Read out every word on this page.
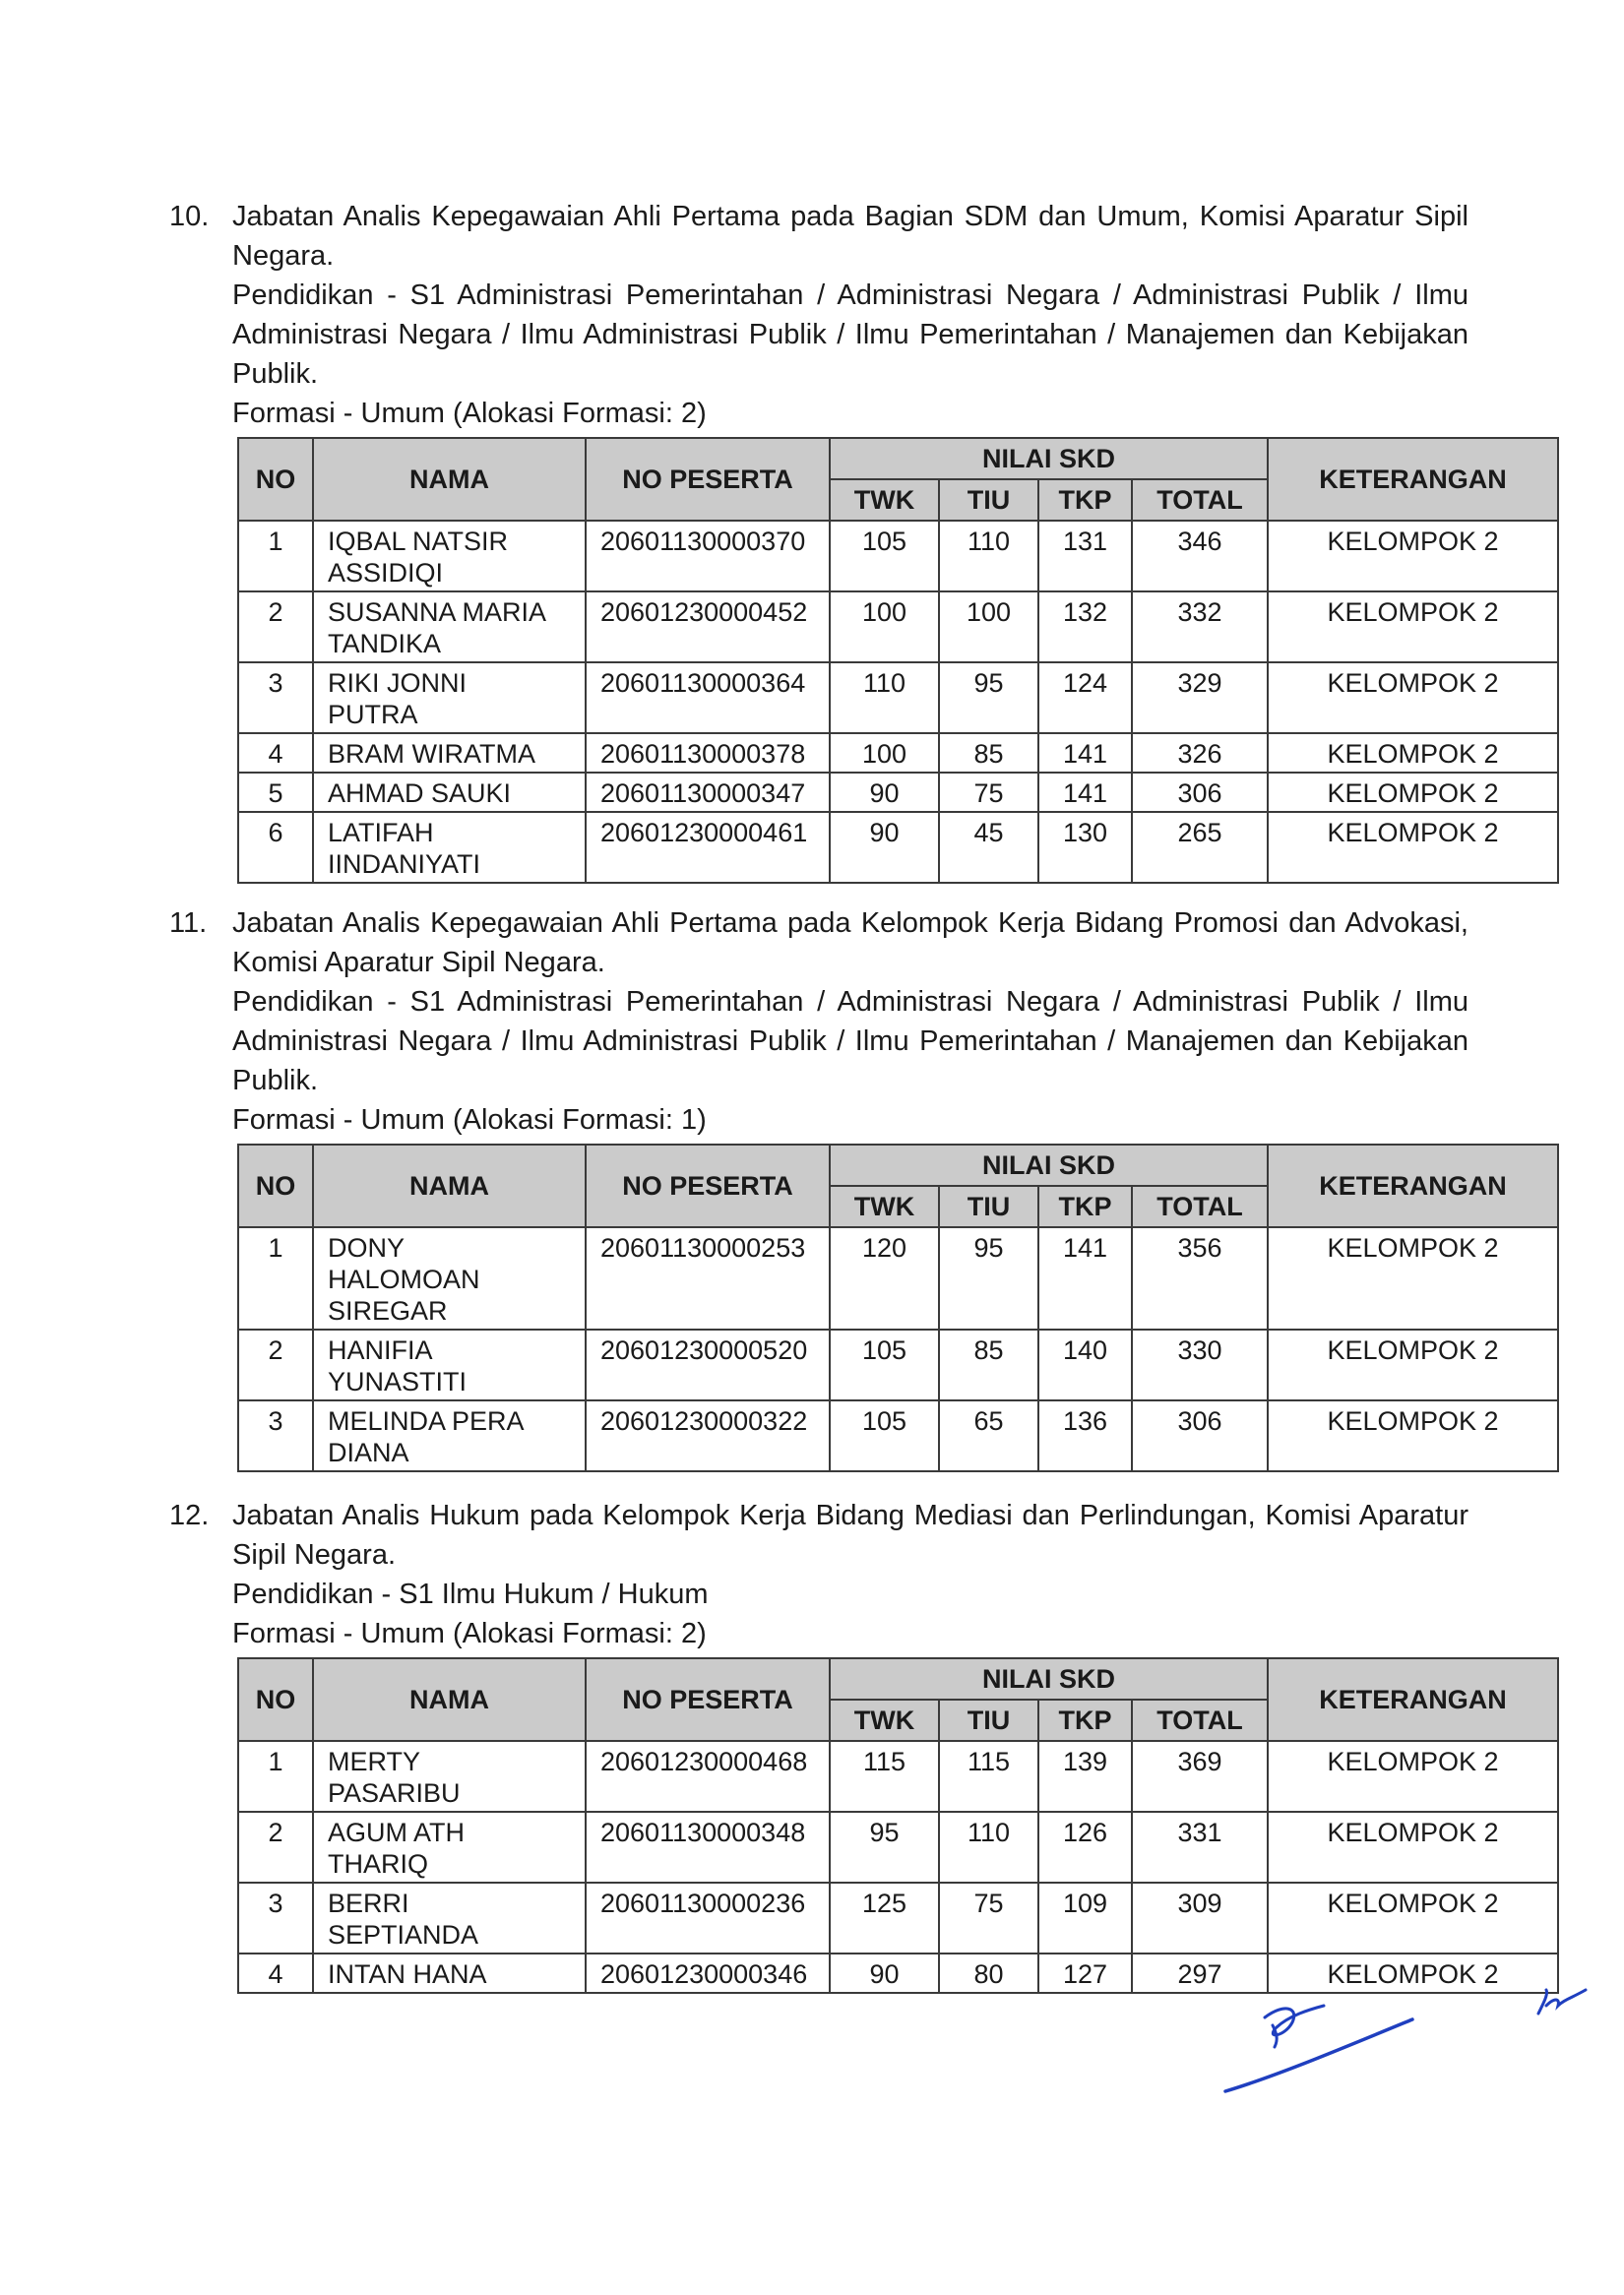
10. Jabatan Analis Kepegawaian Ahli Pertama pada Bagian SDM dan Umum, Komisi Aparatur Sipil Negara.
Pendidikan - S1 Administrasi Pemerintahan / Administrasi Negara / Administrasi Publik / Ilmu Administrasi Negara / Ilmu Administrasi Publik / Ilmu Pemerintahan / Manajemen dan Kebijakan Publik.
Formasi - Umum (Alokasi Formasi: 2)
NO	NAMA	NO PESERTA	NILAI SKD				KETERANGAN
			TWK	TIU	TKP	TOTAL	
1	IQBAL NATSIR
ASSIDIQI	20601130000370	105	110	131	346	KELOMPOK 2
2	SUSANNA MARIA
TANDIKA	20601230000452	100	100	132	332	KELOMPOK 2
3	RIKI JONNI
PUTRA	20601130000364	110	95	124	329	KELOMPOK 2
4	BRAM WIRATMA	20601130000378	100	85	141	326	KELOMPOK 2
5	AHMAD SAUKI	20601130000347	90	75	141	306	KELOMPOK 2
6	LATIFAH
IINDANIYATI	20601230000461	90	45	130	265	KELOMPOK 2
11. Jabatan Analis Kepegawaian Ahli Pertama pada Kelompok Kerja Bidang Promosi dan Advokasi, Komisi Aparatur Sipil Negara.
Pendidikan - S1 Administrasi Pemerintahan / Administrasi Negara / Administrasi Publik / Ilmu Administrasi Negara / Ilmu Administrasi Publik / Ilmu Pemerintahan / Manajemen dan Kebijakan Publik.
Formasi - Umum (Alokasi Formasi: 1)
NO	NAMA	NO PESERTA	NILAI SKD				KETERANGAN
			TWK	TIU	TKP	TOTAL	
1	DONY
HALOMOAN
SIREGAR	20601130000253	120	95	141	356	KELOMPOK 2
2	HANIFIA
YUNASTITI	20601230000520	105	85	140	330	KELOMPOK 2
3	MELINDA PERA
DIANA	20601230000322	105	65	136	306	KELOMPOK 2
12. Jabatan Analis Hukum pada Kelompok Kerja Bidang Mediasi dan Perlindungan, Komisi Aparatur Sipil Negara.
Pendidikan - S1 Ilmu Hukum / Hukum
Formasi - Umum (Alokasi Formasi: 2)
NO	NAMA	NO PESERTA	NILAI SKD				KETERANGAN
			TWK	TIU	TKP	TOTAL	
1	MERTY
PASARIBU	20601230000468	115	115	139	369	KELOMPOK 2
2	AGUM ATH
THARIQ	20601130000348	95	110	126	331	KELOMPOK 2
3	BERRI
SEPTIANDA	20601130000236	125	75	109	309	KELOMPOK 2
4	INTAN HANA	20601230000346	90	80	127	297	KELOMPOK 2
